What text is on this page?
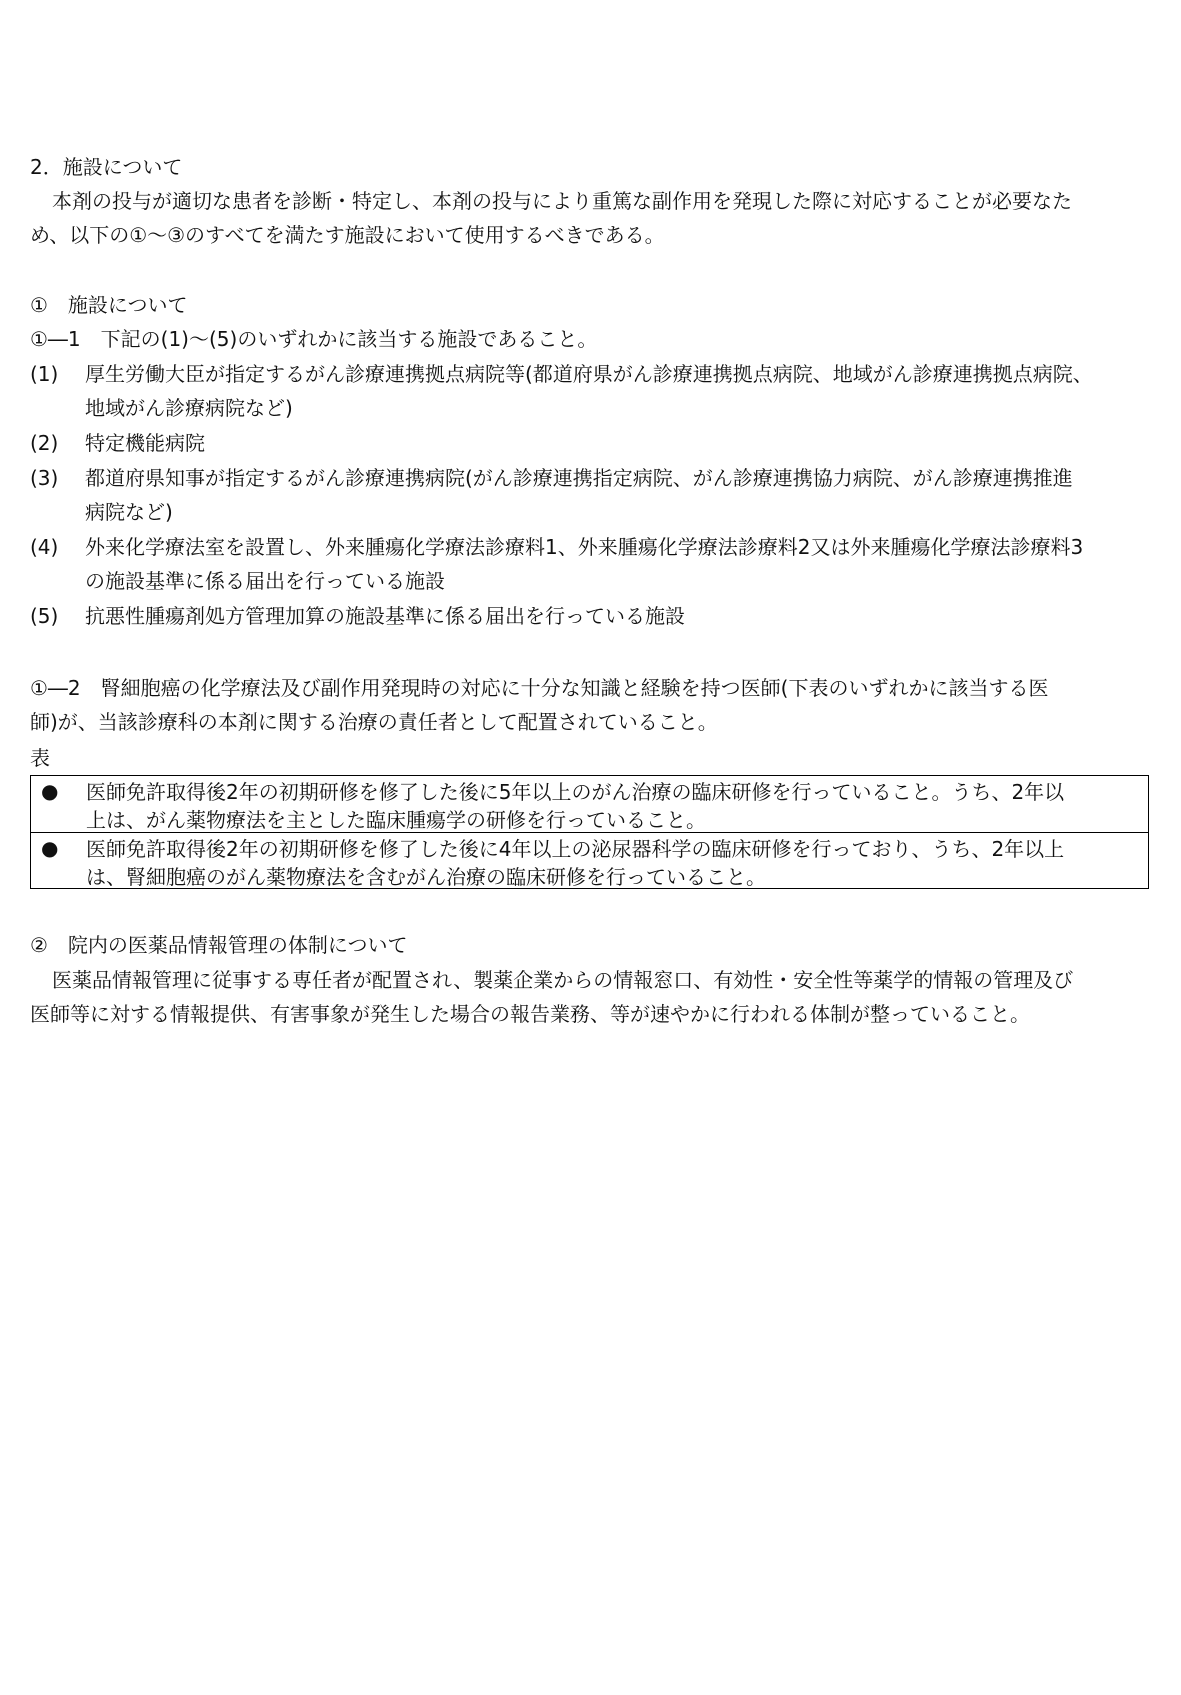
2．施設について
本剤の投与が適切な患者を診断・特定し、本剤の投与により重篤な副作用を発現した際に対応することが必要なた
め、以下の①～③のすべてを満たす施設において使用するべきである。
①　施設について
①―1　下記の(1)～(5)のいずれかに該当する施設であること。
(1) 厚生労働大臣が指定するがん診療連携拠点病院等(都道府県がん診療連携拠点病院、地域がん診療連携拠点病院、
地域がん診療病院など)
(2) 特定機能病院
(3) 都道府県知事が指定するがん診療連携病院(がん診療連携指定病院、がん診療連携協力病院、がん診療連携推進
病院など)
(4) 外来化学療法室を設置し、外来腫瘍化学療法診療料1、外来腫瘍化学療法診療料2又は外来腫瘍化学療法診療料3
の施設基準に係る届出を行っている施設
(5) 抗悪性腫瘍剤処方管理加算の施設基準に係る届出を行っている施設
①―2　腎細胞癌の化学療法及び副作用発現時の対応に十分な知識と経験を持つ医師(下表のいずれかに該当する医
師)が、当該診療科の本剤に関する治療の責任者として配置されていること。
表
● 医師免許取得後2年の初期研修を修了した後に5年以上のがん治療の臨床研修を行っていること。うち、2年以
上は、がん薬物療法を主とした臨床腫瘍学の研修を行っていること。
● 医師免許取得後2年の初期研修を修了した後に4年以上の泌尿器科学の臨床研修を行っており、うち、2年以上
は、腎細胞癌のがん薬物療法を含むがん治療の臨床研修を行っていること。
②　院内の医薬品情報管理の体制について
医薬品情報管理に従事する専任者が配置され、製薬企業からの情報窓口、有効性・安全性等薬学的情報の管理及び
医師等に対する情報提供、有害事象が発生した場合の報告業務、等が速やかに行われる体制が整っていること。
